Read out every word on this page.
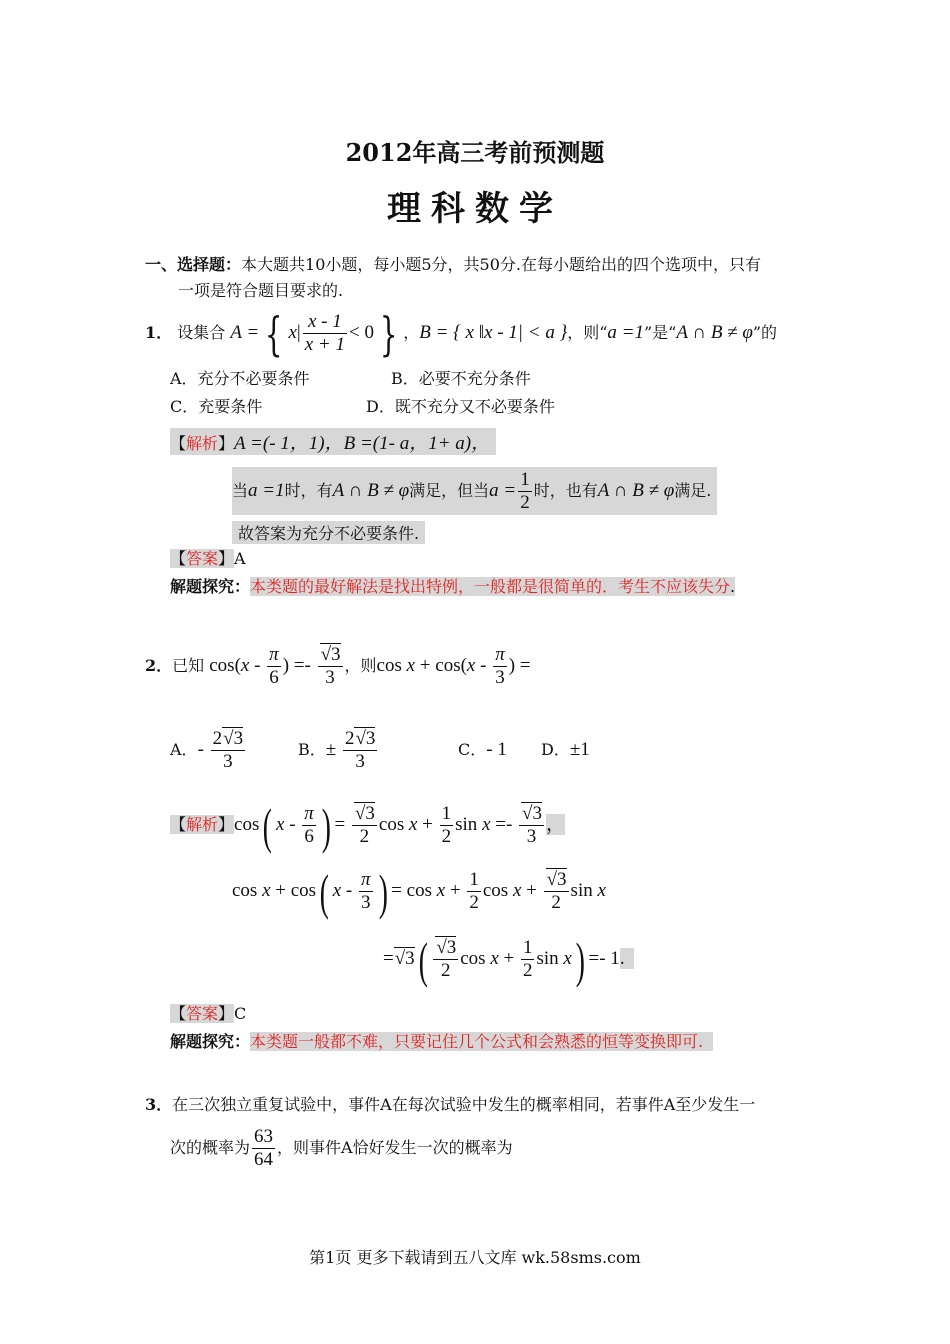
2012年高三考前预测题
理科数学
一、选择题：本大题共10小题，每小题5分，共50分.在每小题给出的四个选项中，只有
一项是符合题目要求的.
1． 设集合 A = { $x| \frac{x - 1}{x + 1} < 0$ } ，B = { x ‖x - 1| < a }，则“a =1”是“A ∩ B ≠ φ”的
A．充分不必要条件	B．必要不充分条件
C．充要条件	D．既不充分又不必要条件
【解析】A =(- 1，1)，B =(1- a，1+ a)，
当a =1时，有A ∩ B ≠ φ满足，但当$a = \frac{1}{2}$ 时，也有A ∩ B ≠ φ满足.
故答案为充分不必要条件.
【答案】A
解题探究：本类题的最好解法是找出特例，一般都是很简单的．考生不应该失分.
2．已知 $\cos(x - \frac{\pi}{6}$ ) =- $\frac{√3}{3}$ ，则$\cos x + \cos(x - \frac{\pi}{3}$ ) =
A．- $\frac{2√3}{3}$	B．± $\frac{2√3}{3}$	C．- 1 D．±1
【解析】cos( x - $\frac{\pi}{6}$ ) = $\frac{√3}{2}$ $\cos x + \frac{1}{2}$ $\sin x =- \frac{√3}{3}$ ，
cos x + cos( x - $\frac{\pi}{3}$ ) = $\cos x + \frac{1}{2}$ $\cos x + \frac{√3}{2}$ sin x
$=√3( \frac{√3}{2}$ $\cos x + \frac{1}{2}$ sin x) =- 1.
【答案】C
解题探究：本类题一般都不难，只要记住几个公式和会熟悉的恒等变换即可.
3．在三次独立重复试验中，事件A在每次试验中发生的概率相同，若事件A至少发生一
次的概率为 $\frac{63}{64}$ ，则事件A恰好发生一次的概率为
第1页 更多下载请到五八文库 wk.58sms.com
